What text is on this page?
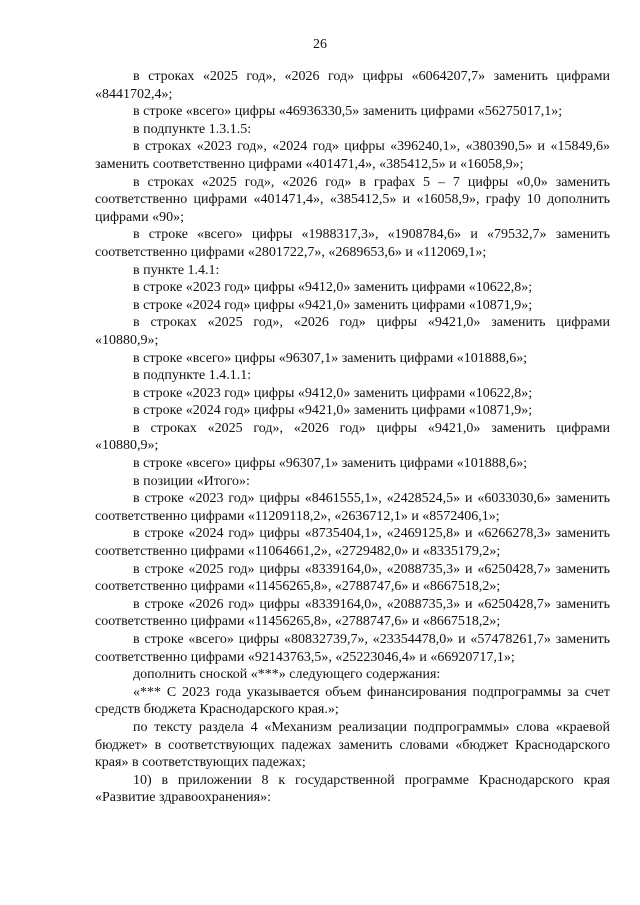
26

в строках «2025 год», «2026 год» цифры «6064207,7» заменить цифрами «8441702,4»;

в строке «всего» цифры «46936330,5» заменить цифрами «56275017,1»;

в подпункте 1.3.1.5:

в строках «2023 год», «2024 год» цифры «396240,1», «380390,5» и «15849,6» заменить соответственно цифрами «401471,4», «385412,5» и «16058,9»;

в строках «2025 год», «2026 год» в графах 5 – 7 цифры «0,0» заменить соответственно цифрами «401471,4», «385412,5» и «16058,9», графу 10 дополнить цифрами «90»;

в строке «всего» цифры «1988317,3», «1908784,6» и «79532,7» заменить соответственно цифрами «2801722,7», «2689653,6» и «112069,1»;

в пункте 1.4.1:

в строке «2023 год» цифры «9412,0» заменить цифрами «10622,8»;

в строке «2024 год» цифры «9421,0» заменить цифрами «10871,9»;

в строках «2025 год», «2026 год» цифры «9421,0» заменить цифрами «10880,9»;

в строке «всего» цифры «96307,1» заменить цифрами «101888,6»;

в подпункте 1.4.1.1:

в строке «2023 год» цифры «9412,0» заменить цифрами «10622,8»;

в строке «2024 год» цифры «9421,0» заменить цифрами «10871,9»;

в строках «2025 год», «2026 год» цифры «9421,0» заменить цифрами «10880,9»;

в строке «всего» цифры «96307,1» заменить цифрами «101888,6»;

в позиции «Итого»:

в строке «2023 год» цифры «8461555,1», «2428524,5» и «6033030,6» заменить соответственно цифрами «11209118,2», «2636712,1» и «8572406,1»;

в строке «2024 год» цифры «8735404,1», «2469125,8» и «6266278,3» заменить соответственно цифрами «11064661,2», «2729482,0» и «8335179,2»;

в строке «2025 год» цифры «8339164,0», «2088735,3» и «6250428,7» заменить соответственно цифрами «11456265,8», «2788747,6» и «8667518,2»;

в строке «2026 год» цифры «8339164,0», «2088735,3» и «6250428,7» заменить соответственно цифрами «11456265,8», «2788747,6» и «8667518,2»;

в строке «всего» цифры «80832739,7», «23354478,0» и «57478261,7» заменить соответственно цифрами «92143763,5», «25223046,4» и «66920717,1»;

дополнить сноской «***» следующего содержания:

«*** С 2023 года указывается объем финансирования подпрограммы за счет средств бюджета Краснодарского края.»;

по тексту раздела 4 «Механизм реализации подпрограммы» слова «краевой бюджет» в соответствующих падежах заменить словами «бюджет Краснодарского края» в соответствующих падежах;

10) в приложении 8 к государственной программе Краснодарского края «Развитие здравоохранения»:
